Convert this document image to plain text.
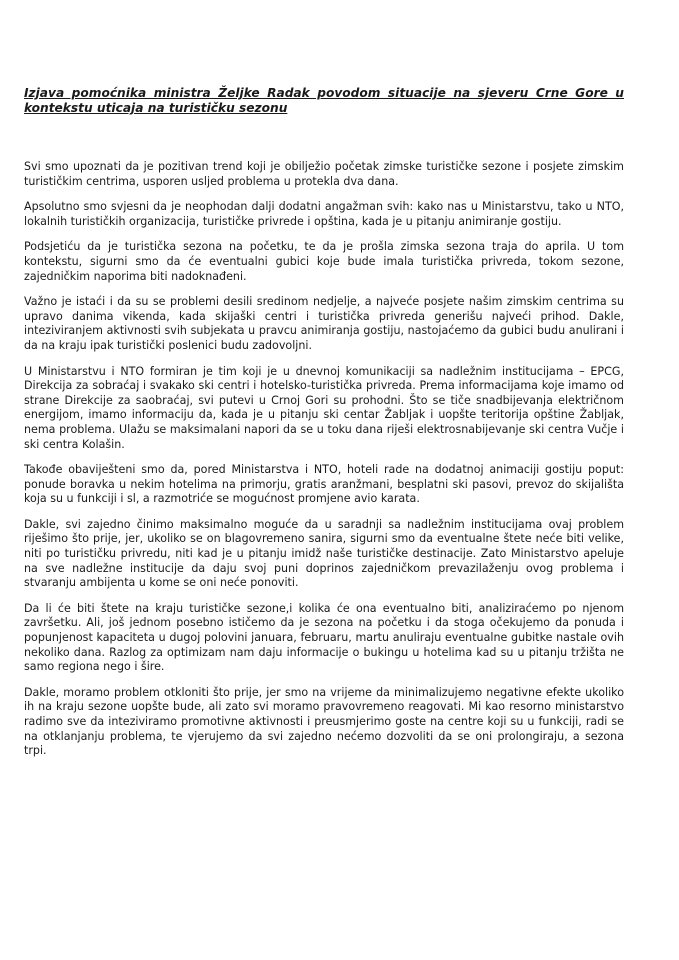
Izjava pomoćnika ministra Željke Radak povodom situacije na sjeveru Crne Gore u kontekstu uticaja na turističku sezonu

Svi smo upoznati da je pozitivan trend koji je obilježio početak zimske turističke sezone i posjete zimskim turističkim centrima, usporen uslјed problema u protekla dva dana.

Apsolutno smo svjesni da je neophodan dalji dodatni angažman svih: kako nas u Ministarstvu, tako u NTO, lokalnih turističkih organizacija, turističke privrede i opština, kada je u pitanju animiranje gostiju.

Podsjetiću da je turistička sezona na početku, te da je prošla zimska sezona traja do aprila. U tom kontekstu, sigurni smo da će eventualni gubici koje bude imala turistička privreda, tokom sezone, zajedničkim naporima biti nadoknađeni.

Važno je istaći i da su se problemi desili sredinom nedjelje, a najveće posjete našim zimskim centrima su upravo danima vikenda, kada skijaški centri i turistička privreda generišu najveći prihod. Dakle, inteziviranjem aktivnosti svih subjekata u pravcu animiranja gostiju, nastojaćemo da gubici budu anulirani i da na kraju ipak turistički poslenici budu zadovoljni.

U Ministarstvu i NTO formiran je tim koji je u dnevnoj komunikaciji sa nadležnim institucijama – EPCG, Direkcija za sobraćaj i svakako ski centri i hotelsko-turistička privreda. Prema informacijama koje imamo od strane Direkcije za saobraćaj, svi putevi u Crnoj Gori su prohodni. Što se tiče snadbijevanja električnom energijom, imamo informaciju da, kada je u pitanju ski centar Žabljak i uopšte teritorija opštine Žabljak, nema problema. Ulažu se maksimalani napori da se u toku dana riješi elektrosnabijevanje ski centra Vučje i ski centra Kolašin.

Takođe obaviješteni smo da, pored Ministarstva i NTO, hoteli rade na dodatnoj animaciji gostiju poput: ponude boravka u nekim hotelima na primorju, gratis aranžmani, besplatni ski pasovi, prevoz do skijališta koja su u funkciji i sl, a razmotriće se mogućnost promjene avio karata.

Dakle, svi zajedno činimo maksimalno moguće da u saradnji sa nadležnim institucijama ovaj problem riješimo što prije, jer, ukoliko se on blagovremeno sanira, sigurni smo da eventualne štete neće biti velike, niti po turističku privredu, niti kad je u pitanju imidž naše turističke destinacije. Zato Ministarstvo apeluje na sve nadležne institucije da daju svoj puni doprinos zajedničkom prevazilaženju ovog problema i stvaranju ambijenta u kome se oni neće ponoviti.

Da li će biti štete na kraju turističke sezone,i kolika će ona eventualno biti, analiziraćemo po njenom završetku. Ali, još jednom posebno ističemo da je sezona na početku i da stoga očekujemo da ponuda i popunjenost kapaciteta u dugoj polovini januara, februaru, martu anuliraju eventualne gubitke nastale ovih nekoliko dana. Razlog za optimizam nam daju informacije o bukingu u hotelima kad su u pitanju tržišta ne samo regiona nego i šire.

Dakle, moramo problem otkloniti što prije, jer smo na vrijeme da minimalizujemo negativne efekte ukoliko ih na kraju sezone uopšte bude, ali zato svi moramo pravovremeno reagovati. Mi kao resorno ministarstvo radimo sve da inteziviramo promotivne aktivnosti i preusmjerimo goste na centre koji su u funkciji, radi se na otklanjanju problema, te vjerujemo da svi zajedno nećemo dozvoliti da se oni prolongiraju, a sezona trpi.
